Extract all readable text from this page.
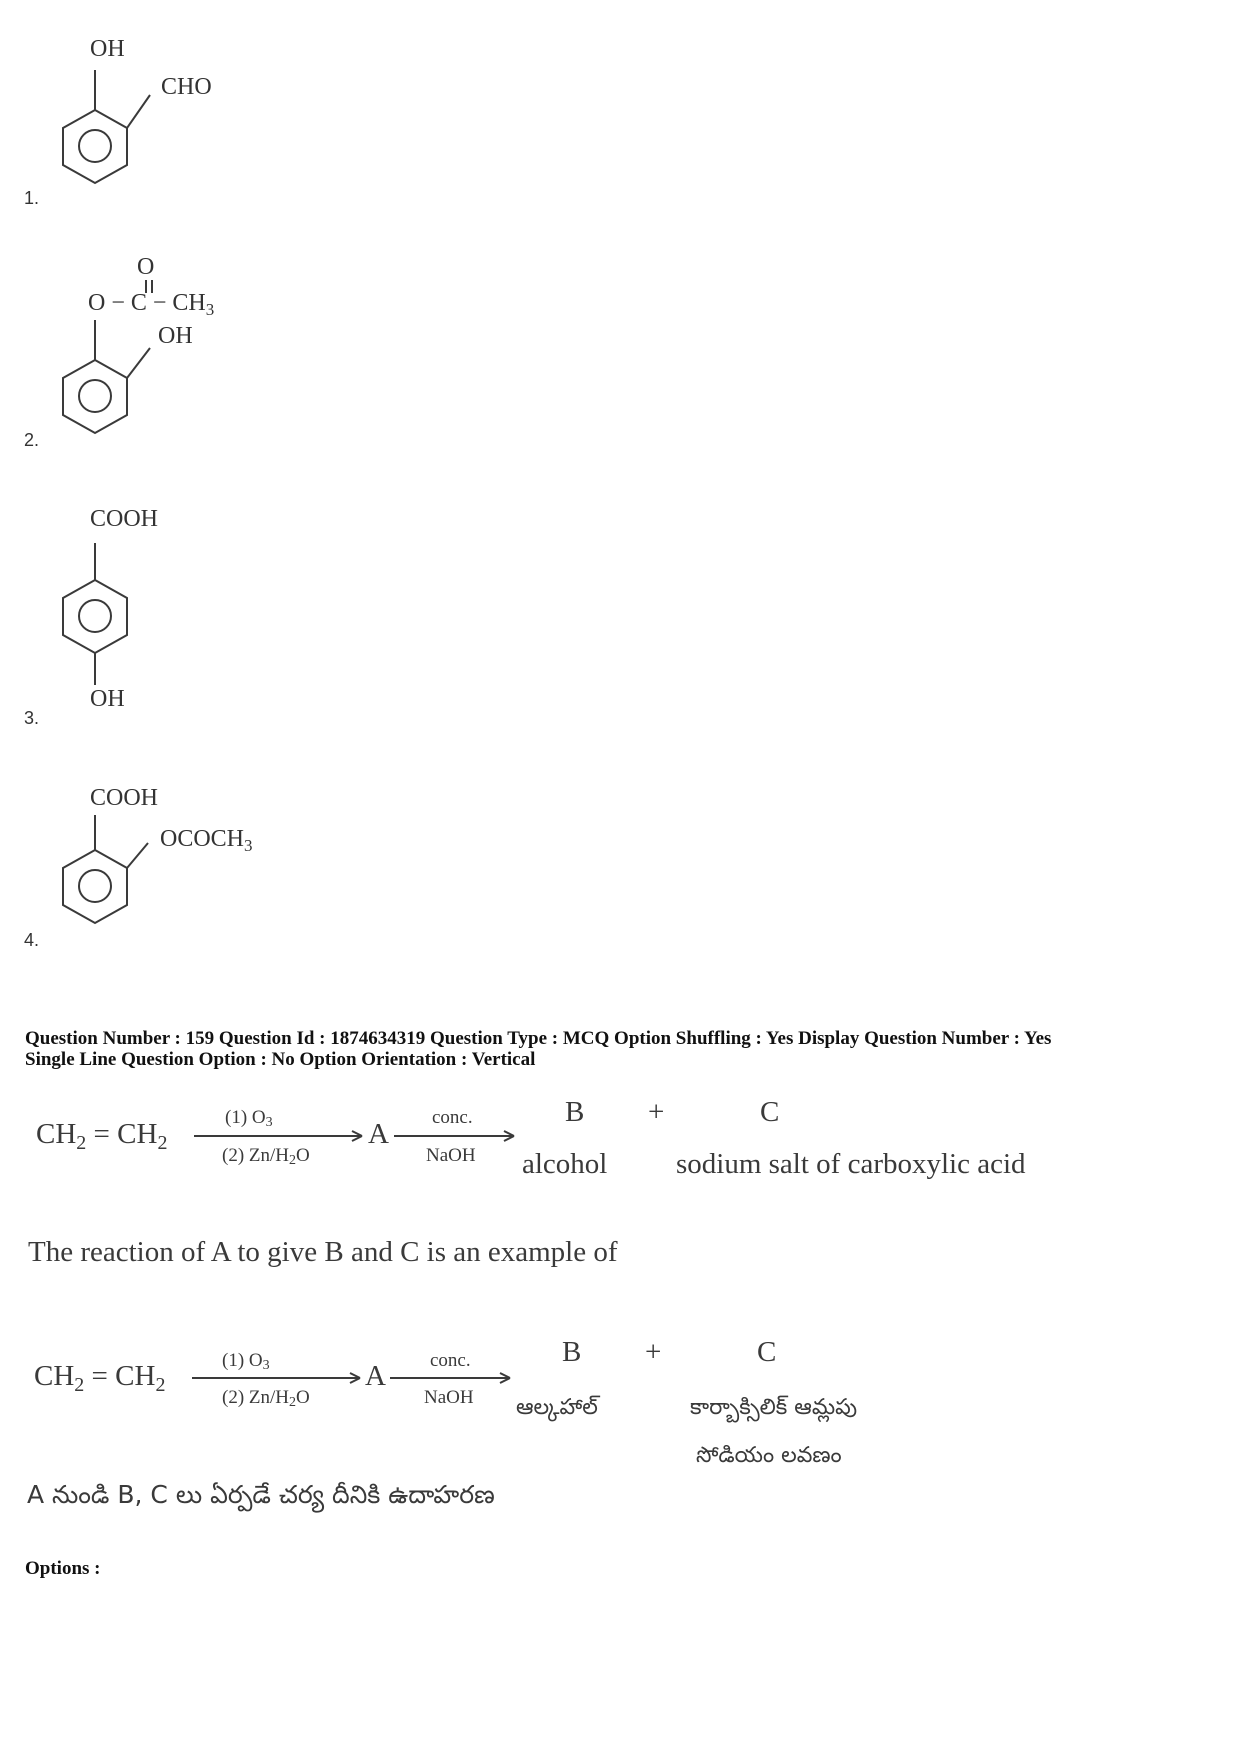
OH
CHO
1.
O
$O - C - CH_3$
OH
2.
COOH
OH
3.
COOH
$OCOCH_3$
4.
Question Number : 159 Question Id : 1874634319 Question Type : MCQ Option Shuffling : Yes Display Question Number : Yes
Single Line Question Option : No Option Orientation : Vertical
$CH_2 = CH_2$
(1) $O_3$
(2) $Zn/H_2O$
A
conc.
NaOH
B +	C
alcohol sodium salt of carboxylic acid
The reaction of A to give B and C is an example of
$CH_2 = CH_2$
(1) $O_3$
(2) $Zn/H_2O$
A conc.
NaOH
B +	C
ఆల్కహాల్	కార్బాక్సిలిక్ ఆమ్లపు
సోడియం లవణం
A నుండి B, C లు ఏర్పడే చర్య దీనికి ఉదాహరణ
Options :
